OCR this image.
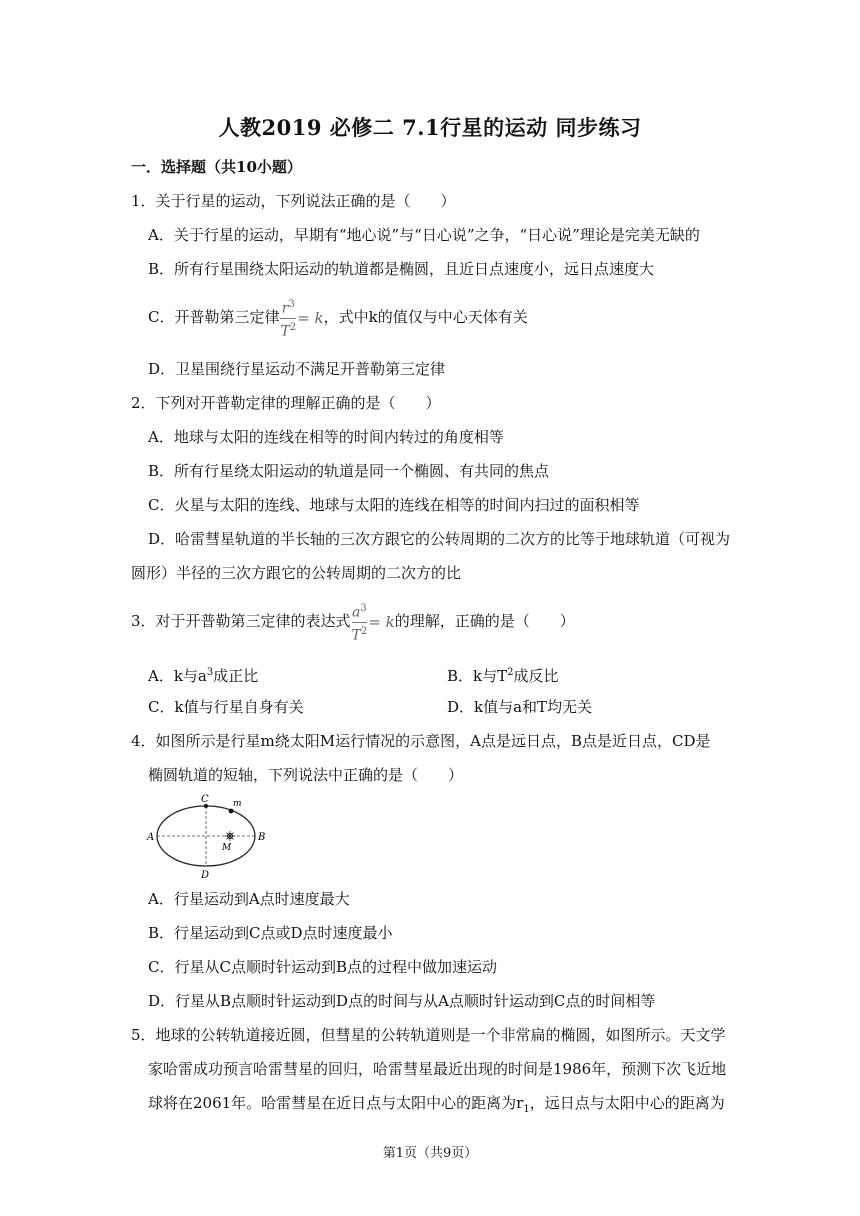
人教2019 必修二 7.1行星的运动 同步练习
一．选择题（共10小题）
1．关于行星的运动，下列说法正确的是（　　）
A．关于行星的运动，早期有“地心说”与“日心说”之争，“日心说”理论是完美无缺的
B．所有行星围绕太阳运动的轨道都是椭圆，且近日点速度小，远日点速度大
C．开普勒第三定律 $\frac{r^3}{T^2} = k$，式中k的值仅与中心天体有关
D．卫星围绕行星运动不满足开普勒第三定律
2．下列对开普勒定律的理解正确的是（　　）
A．地球与太阳的连线在相等的时间内转过的角度相等
B．所有行星绕太阳运动的轨道是同一个椭圆、有共同的焦点
C．火星与太阳的连线、地球与太阳的连线在相等的时间内扫过的面积相等
D．哈雷彗星轨道的半长轴的三次方跟它的公转周期的二次方的比等于地球轨道（可视为
圆形）半径的三次方跟它的公转周期的二次方的比
3．对于开普勒第三定律的表达式 $\frac{a^3}{T^2} = k$的理解，正确的是（　　）
A．k与$a^3$成正比	B．k与$T^2$成反比
C．k值与行星自身有关	D．k值与a和T均无关
4．如图所示是行星m绕太阳M运行情况的示意图，A点是远日点，B点是近日点，CD是
椭圆轨道的短轴，下列说法中正确的是（　　）
A	B
C
D
m
M
A．行星运动到A点时速度最大
B．行星运动到C点或D点时速度最小
C．行星从C点顺时针运动到B点的过程中做加速运动
D．行星从B点顺时针运动到D点的时间与从A点顺时针运动到C点的时间相等
5．地球的公转轨道接近圆，但彗星的公转轨道则是一个非常扁的椭圆，如图所示。天文学
家哈雷成功预言哈雷彗星的回归，哈雷彗星最近出现的时间是1986年，预测下次飞近地
球将在2061年。哈雷彗星在近日点与太阳中心的距离为$r_1$，远日点与太阳中心的距离为
第1页（共9页）
